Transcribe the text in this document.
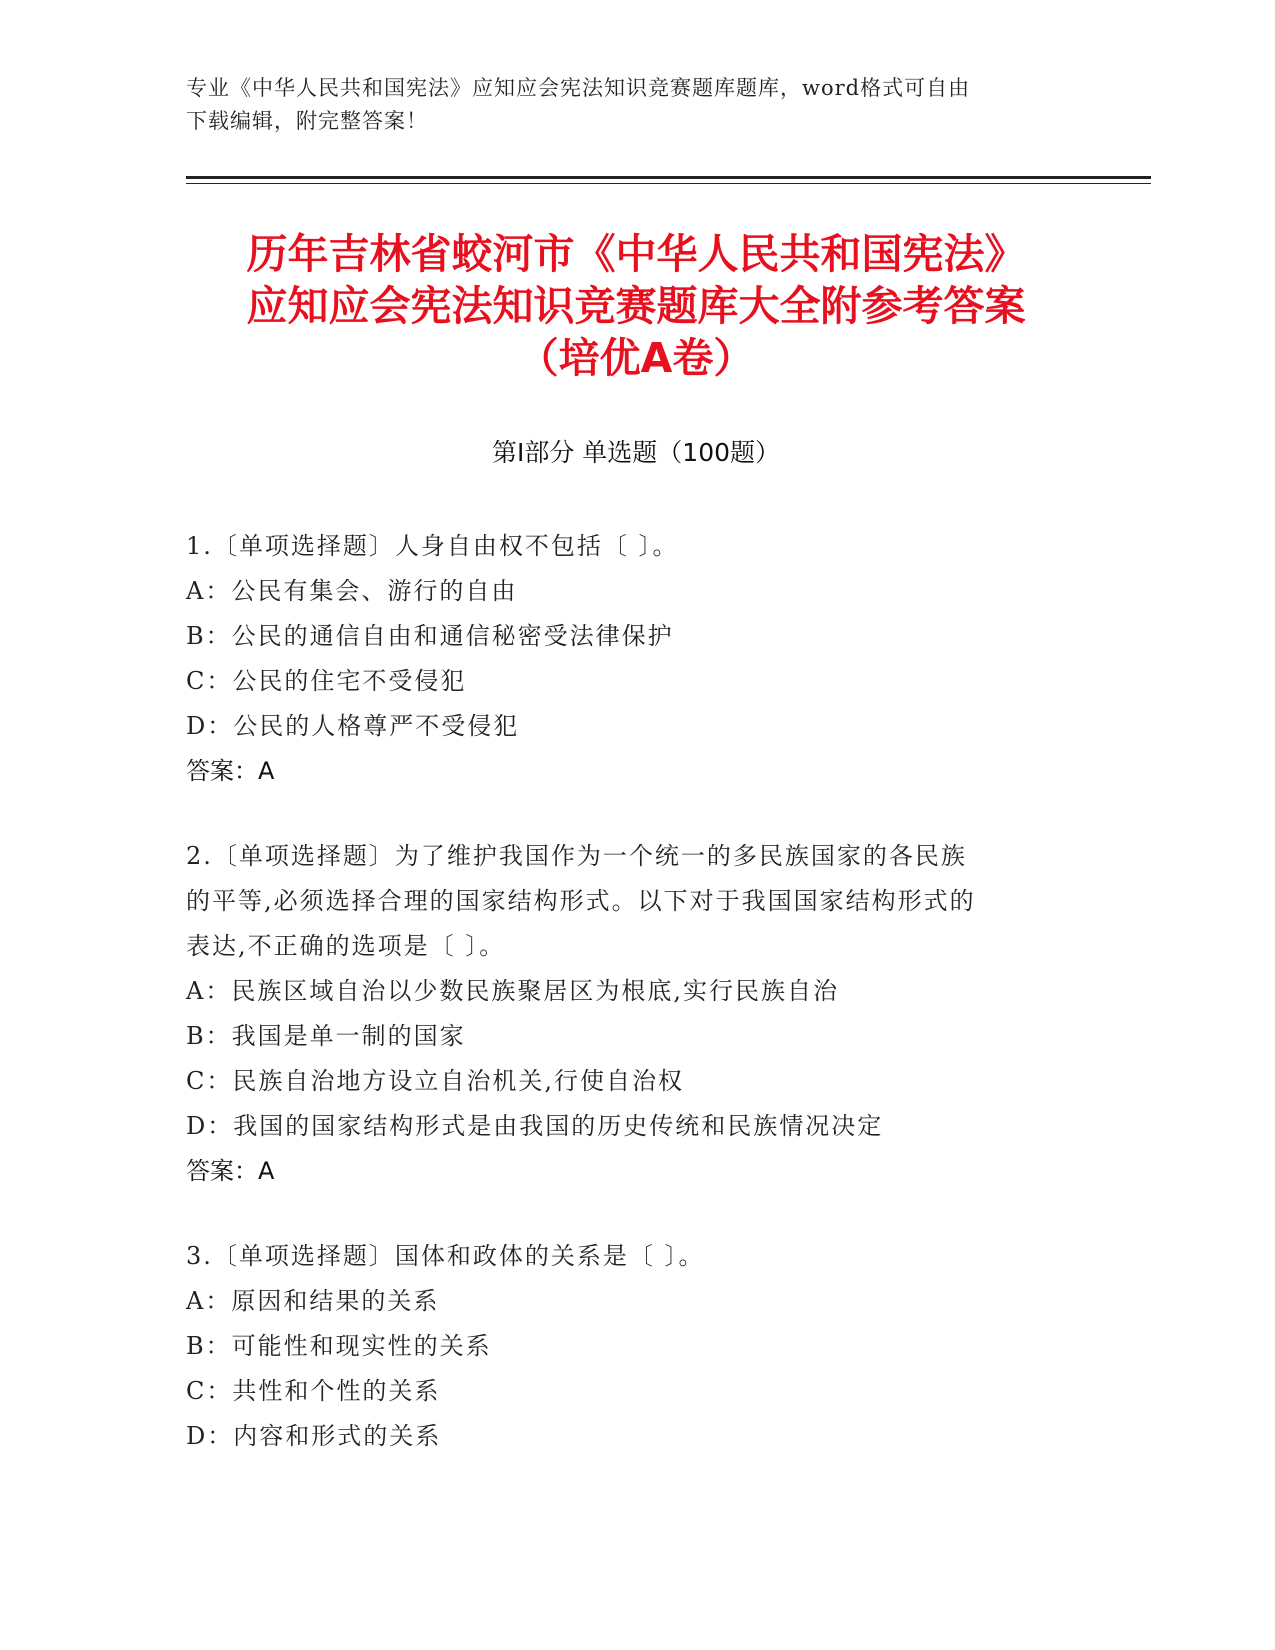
专业《中华人民共和国宪法》应知应会宪法知识竞赛题库题库，word格式可自由
下载编辑，附完整答案！
历年吉林省蛟河市《中华人民共和国宪法》
应知应会宪法知识竞赛题库大全附参考答案
（培优A卷）
第I部分 单选题（100题）

1.〔单项选择题〕人身自由权不包括〔 〕。

A：公民有集会、游行的自由

B：公民的通信自由和通信秘密受法律保护

C：公民的住宅不受侵犯

D：公民的人格尊严不受侵犯

答案：A

2.〔单项选择题〕为了维护我国作为一个统一的多民族国家的各民族

的平等,必须选择合理的国家结构形式。以下对于我国国家结构形式的

表达,不正确的选项是〔 〕。

A：民族区域自治以少数民族聚居区为根底,实行民族自治

B：我国是单一制的国家

C：民族自治地方设立自治机关,行使自治权

D：我国的国家结构形式是由我国的历史传统和民族情况决定

答案：A

3.〔单项选择题〕国体和政体的关系是〔 〕。

A：原因和结果的关系

B：可能性和现实性的关系

C：共性和个性的关系

D：内容和形式的关系
